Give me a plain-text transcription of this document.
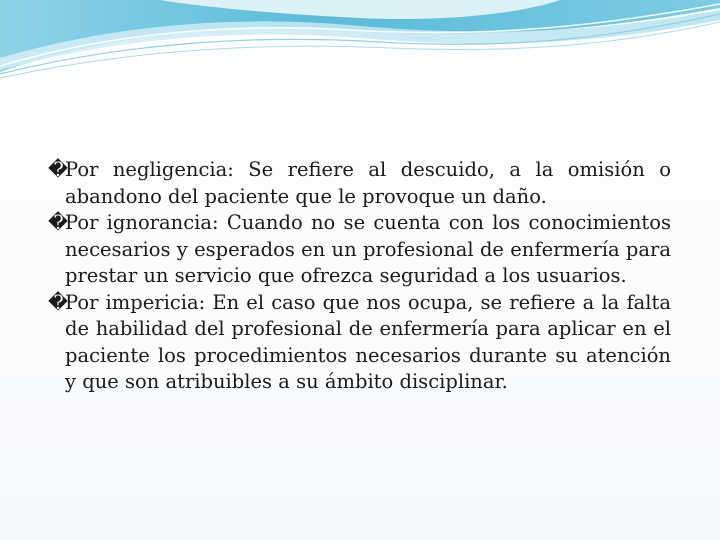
�
Por negligencia: Se refiere al descuido, a la omisión o abandono del paciente que le provoque un daño.

�
Por ignorancia: Cuando no se cuenta con los conocimientos necesarios y esperados en un profesional de enfermería para prestar un servicio que ofrezca seguridad a los usuarios.

�
Por impericia: En el caso que nos ocupa, se refiere a la falta de habilidad del profesional de enfermería para aplicar en el paciente los procedimientos necesarios durante su atención y que son atribuibles a su ámbito disciplinar.
